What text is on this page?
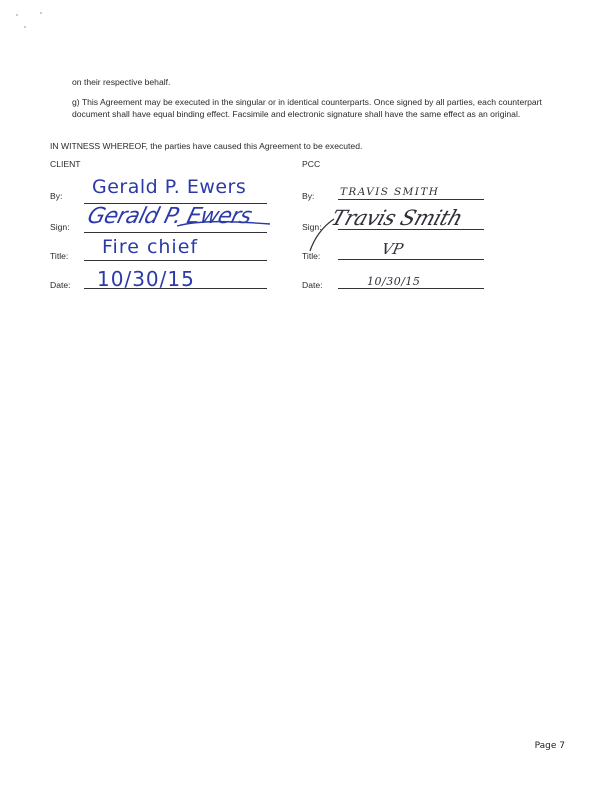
on their respective behalf.
g) This Agreement may be executed in the singular or in identical counterparts. Once signed by all parties, each counterpart document shall have equal binding effect. Facsimile and electronic signature shall have the same effect as an original.
IN WITNESS WHEREOF, the parties have caused this Agreement to be executed.
CLIENT
By: Gerald P. Ewers
Sign: Gerald P. Ewers
Title: Fire chief
Date: 10/30/15
PCC
By: TRAVIS SMITH
Sign: Travis Smith
Title:	VP
Date:	10/30/15
Page 7
